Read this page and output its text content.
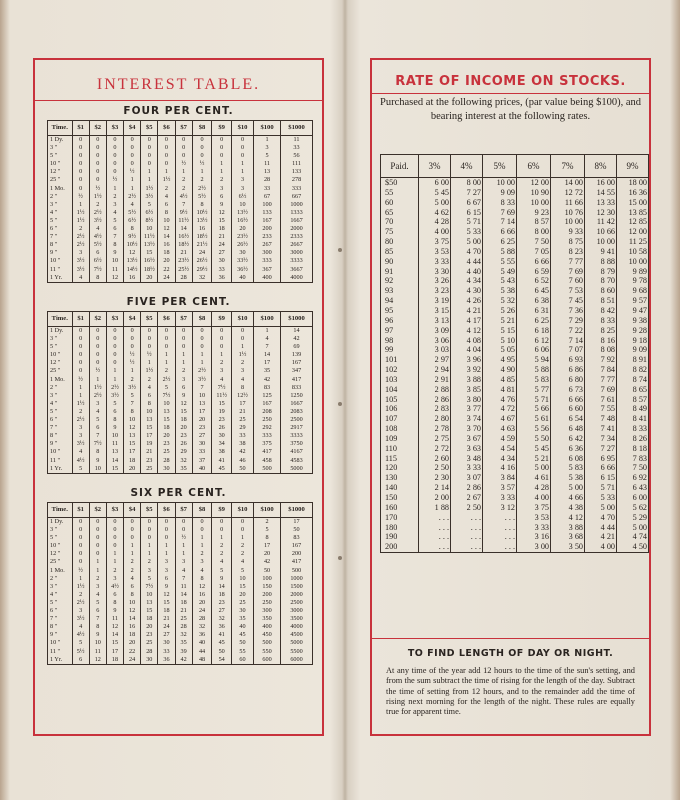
INTEREST TABLE.
FOUR PER CENT.
Time.	$1	$2	$3	$4	$5	$6	$7	$8	$9	$10	$100	$1000
1 Dy.	0	0	0	0	0	0	0	0	0	0	1	11
3 "	0	0	0	0	0	0	0	0	0	0	3	33
5 "	0	0	0	0	0	0	0	0	0	0	5	56
10 "	0	0	0	0	0	0	½	½	1	1	11	111
12 "	0	0	0	½	1	1	1	1	1	1	13	133
25 "	0	0	½	1	1	1½	2	2	2	3	28	278
1 Mo.	0	½	1	1	1½	2	2	2½	3	3	33	333
2 "	½	1½	2	2½	3½	4	4½	5½	6	6½	67	667
3 "	1	2	3	4	5	6	7	8	9	10	100	1000
4 "	1½	2½	4	5½	6½	8	9½	10½	12	13½	133	1333
5 "	1½	3½	5	6½	8½	10	11½	13½	15	16½	167	1667
6 "	2	4	6	8	10	12	14	16	18	20	200	2000
7 "	2½	4½	7	9½	11½	14	16½	18½	21	23½	233	2333
8 "	2½	5½	8	10½	13½	16	18½	21½	24	26½	267	2667
9 "	3	6	9	12	15	18	21	24	27	30	300	3000
10 "	3½	6½	10	13½	16½	20	23½	26½	30	33½	333	3333
11 "	3½	7½	11	14½	18½	22	25½	29½	33	36½	367	3667
1 Yr.	4	8	12	16	20	24	28	32	36	40	400	4000
FIVE PER CENT.
Time.	$1	$2	$3	$4	$5	$6	$7	$8	$9	$10	$100	$1000
1 Dy.	0	0	0	0	0	0	0	0	0	0	1	14
3 "	0	0	0	0	0	0	0	0	0	0	4	42
5 "	0	0	0	0	0	0	0	0	0	1	7	69
10 "	0	0	0	½	½	1	1	1	1	1½	14	139
12 "	0	0	0	½	1	1	1	1	2	2	17	167
25 "	0	½	1	1	1½	2	2	2½	3	3	35	347
1 Mo.	½	1	1	2	2	2½	3	3½	4	4	42	417
2 "	1	1½	2½	3½	4	5	6	7	7½	8	83	833
3 "	1	2½	3½	5	6	7½	9	10	11½	12½	125	1250
4 "	1½	3	5	7	8	10	12	13	15	17	167	1667
5 "	2	4	6	8	10	13	15	17	19	21	208	2083
6 "	2½	5	8	10	13	15	18	20	23	25	250	2500
7 "	3	6	9	12	15	18	20	23	26	29	292	2917
8 "	3	7	10	13	17	20	23	27	30	33	333	3333
9 "	3½	7½	11	15	19	23	26	30	34	38	375	3750
10 "	4	8	13	17	21	25	29	33	38	42	417	4167
11 "	4½	9	14	18	23	28	32	37	41	46	458	4583
1 Yr.	5	10	15	20	25	30	35	40	45	50	500	5000
SIX PER CENT.
Time.	$1	$2	$3	$4	$5	$6	$7	$8	$9	$10	$100	$1000
1 Dy.	0	0	0	0	0	0	0	0	0	0	2	17
3 "	0	0	0	0	0	0	0	0	0	0	5	50
5 "	0	0	0	0	0	0	½	1	1	1	8	83
10 "	0	0	0	1	1	1	1	1	2	2	17	167
12 "	0	0	1	1	1	1	1	2	2	2	20	200
25 "	0	1	1	2	2	3	3	3	4	4	42	417
1 Mo.	½	1	2	2	3	3	4	4	5	5	50	500
2 "	1	2	3	4	5	6	7	8	9	10	100	1000
3 "	1½	3	4½	6	7½	9	11	12	14	15	150	1500
4 "	2	4	6	8	10	12	14	16	18	20	200	2000
5 "	2½	5	8	10	13	15	18	20	23	25	250	2500
6 "	3	6	9	12	15	18	21	24	27	30	300	3000
7 "	3½	7	11	14	18	21	25	28	32	35	350	3500
8 "	4	8	12	16	20	24	28	32	36	40	400	4000
9 "	4½	9	14	18	23	27	32	36	41	45	450	4500
10 "	5	10	15	20	25	30	35	40	45	50	500	5000
11 "	5½	11	17	22	28	33	39	44	50	55	550	5500
1 Yr.	6	12	18	24	30	36	42	48	54	60	600	6000
RATE OF INCOME ON STOCKS.
Purchased at the following prices, (par value being $100), and bearing interest at the following rates.
Paid.	3%	4%	5%	6%	7%	8%	9%
$50	6 00	8 00	10 00	12 00	14 00	16 00	18 00
55	5 45	7 27	9 09	10 90	12 72	14 55	16 36
60	5 00	6 67	8 33	10 00	11 66	13 33	15 00
65	4 62	6 15	7 69	9 23	10 76	12 30	13 85
70	4 28	5 71	7 14	8 57	10 00	11 42	12 85
75	4 00	5 33	6 66	8 00	9 33	10 66	12 00
80	3 75	5 00	6 25	7 50	8 75	10 00	11 25
85	3 53	4 70	5 88	7 05	8 23	9 41	10 58
90	3 33	4 44	5 55	6 66	7 77	8 88	10 00
91	3 30	4 40	5 49	6 59	7 69	8 79	9 89
92	3 26	4 34	5 43	6 52	7 60	8 70	9 78
93	3 23	4 30	5 38	6 45	7 53	8 60	9 68
94	3 19	4 26	5 32	6 38	7 45	8 51	9 57
95	3 15	4 21	5 26	6 31	7 36	8 42	9 47
96	3 13	4 17	5 21	6 25	7 29	8 33	9 38
97	3 09	4 12	5 15	6 18	7 22	8 25	9 28
98	3 06	4 08	5 10	6 12	7 14	8 16	9 18
99	3 03	4 04	5 05	6 06	7 07	8 08	9 09
101	2 97	3 96	4 95	5 94	6 93	7 92	8 91
102	2 94	3 92	4 90	5 88	6 86	7 84	8 82
103	2 91	3 88	4 85	5 83	6 80	7 77	8 74
104	2 88	3 85	4 81	5 77	6 73	7 69	8 65
105	2 86	3 80	4 76	5 71	6 66	7 61	8 57
106	2 83	3 77	4 72	5 66	6 60	7 55	8 49
107	2 80	3 74	4 67	5 61	6 54	7 48	8 41
108	2 78	3 70	4 63	5 56	6 48	7 41	8 33
109	2 75	3 67	4 59	5 50	6 42	7 34	8 26
110	2 72	3 63	4 54	5 45	6 36	7 27	8 18
115	2 60	3 48	4 34	5 21	6 08	6 95	7 83
120	2 50	3 33	4 16	5 00	5 83	6 66	7 50
130	2 30	3 07	3 84	4 61	5 38	6 15	6 92
140	2 14	2 86	3 57	4 28	5 00	5 71	6 43
150	2 00	2 67	3 33	4 00	4 66	5 33	6 00
160	1 88	2 50	3 12	3 75	4 38	5 00	5 62
170	. . .	. . .	. . .	3 53	4 12	4 70	5 29
180	. . .	. . .	. . .	3 33	3 88	4 44	5 00
190	. . .	. . .	. . .	3 16	3 68	4 21	4 74
200	. . .	. . .	. . .	3 00	3 50	4 00	4 50
TO FIND LENGTH OF DAY OR NIGHT.
At any time of the year add 12 hours to the time of the sun's setting, and from the sum subtract the time of rising for the length of the day. Subtract the time of setting from 12 hours, and to the remainder add the time of rising next morning for the length of the night. These rules are equally true for apparent time.
